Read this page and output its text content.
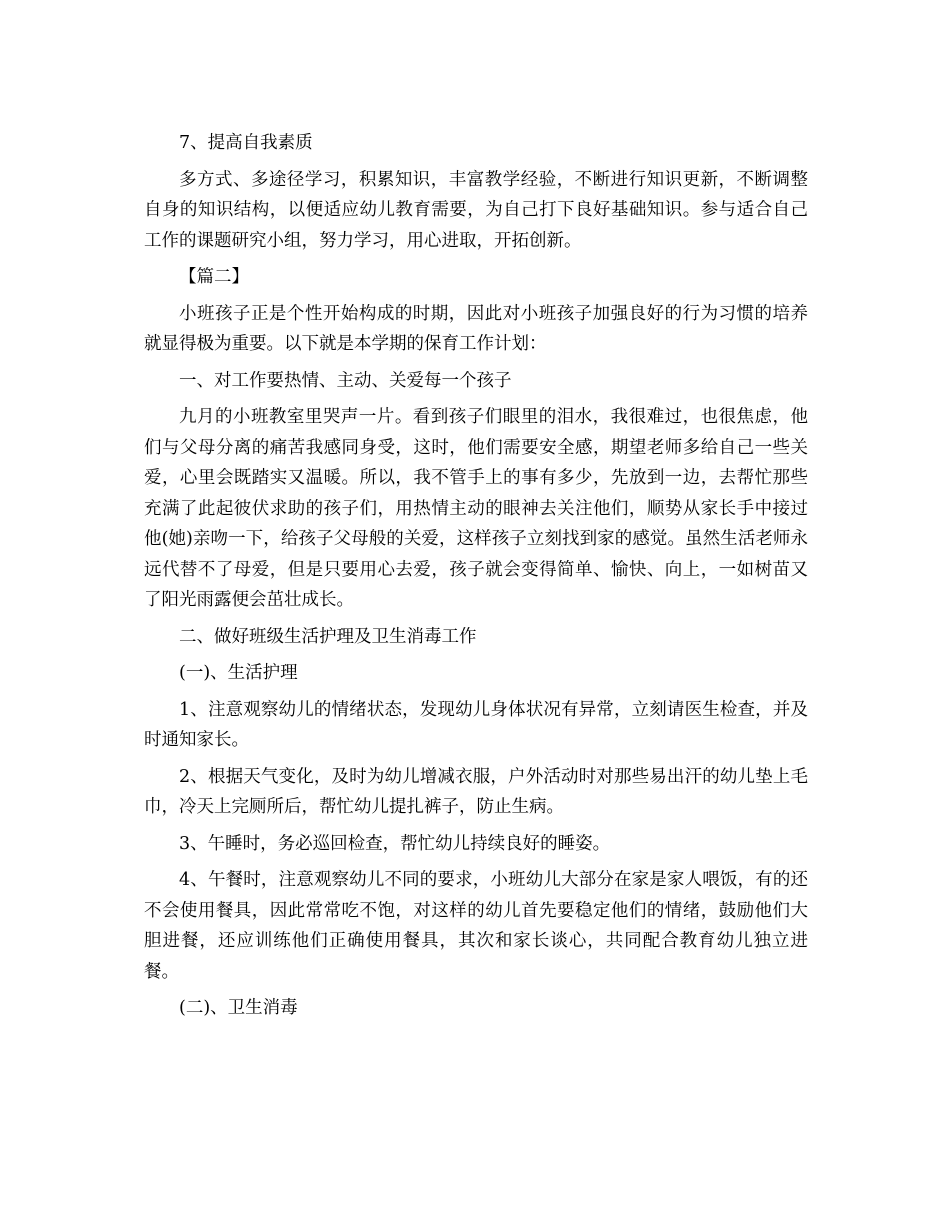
7、提高自我素质

多方式、多途径学习，积累知识，丰富教学经验，不断进行知识更新，不断调整自身的知识结构，以便适应幼儿教育需要，为自己打下良好基础知识。参与适合自己工作的课题研究小组，努力学习，用心进取，开拓创新。

【篇二】

小班孩子正是个性开始构成的时期，因此对小班孩子加强良好的行为习惯的培养就显得极为重要。以下就是本学期的保育工作计划：

一、对工作要热情、主动、关爱每一个孩子

九月的小班教室里哭声一片。看到孩子们眼里的泪水，我很难过，也很焦虑，他们与父母分离的痛苦我感同身受，这时，他们需要安全感，期望老师多给自己一些关爱，心里会既踏实又温暖。所以，我不管手上的事有多少，先放到一边，去帮忙那些充满了此起彼伏求助的孩子们，用热情主动的眼神去关注他们，顺势从家长手中接过他(她)亲吻一下，给孩子父母般的关爱，这样孩子立刻找到家的感觉。虽然生活老师永远代替不了母爱，但是只要用心去爱，孩子就会变得简单、愉快、向上，一如树苗又了阳光雨露便会茁壮成长。

二、做好班级生活护理及卫生消毒工作

(一)、生活护理

1、注意观察幼儿的情绪状态，发现幼儿身体状况有异常，立刻请医生检查，并及时通知家长。

2、根据天气变化，及时为幼儿增减衣服，户外活动时对那些易出汗的幼儿垫上毛巾，冷天上完厕所后，帮忙幼儿提扎裤子，防止生病。

3、午睡时，务必巡回检查，帮忙幼儿持续良好的睡姿。

4、午餐时，注意观察幼儿不同的要求，小班幼儿大部分在家是家人喂饭，有的还不会使用餐具，因此常常吃不饱，对这样的幼儿首先要稳定他们的情绪，鼓励他们大胆进餐，还应训练他们正确使用餐具，其次和家长谈心，共同配合教育幼儿独立进餐。

(二)、卫生消毒
